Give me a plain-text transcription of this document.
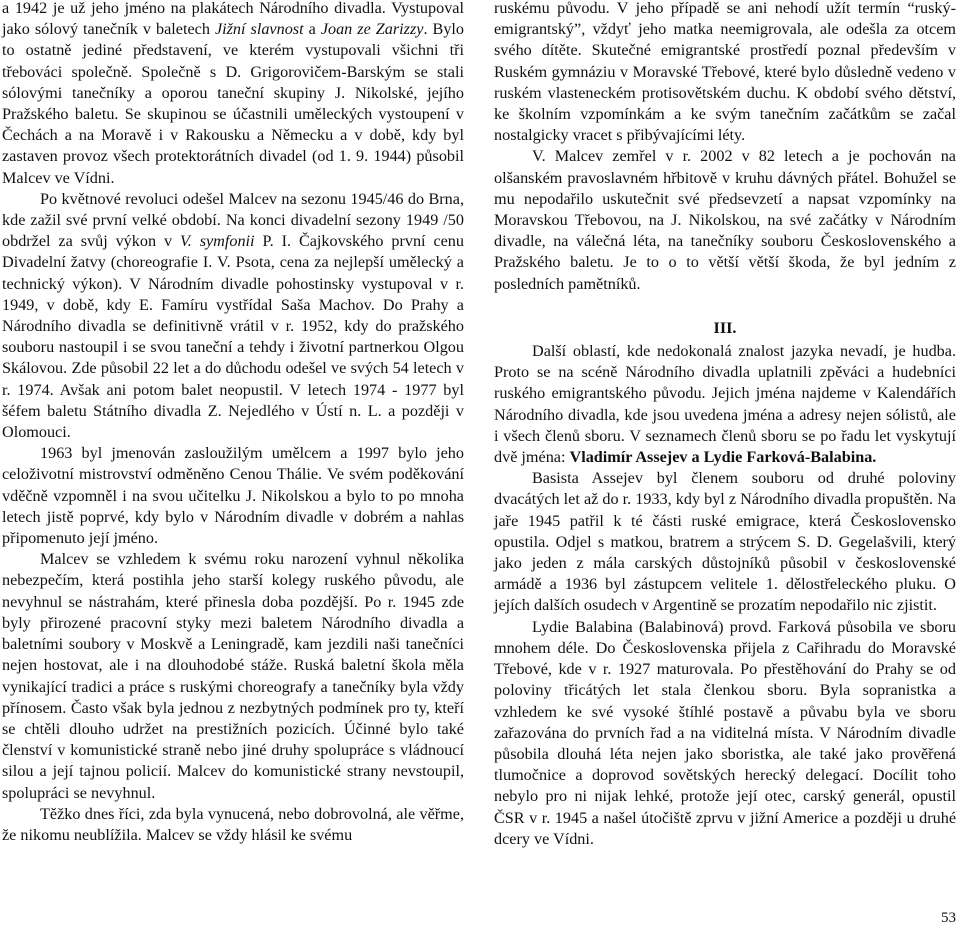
a 1942 je už jeho jméno na plakátech Národního divadla. Vystupoval jako sólový tanečník v baletech Jižní slavnost a Joan ze Zarizzy. Bylo to ostatně jediné představení, ve kterém vystupovali všichni tři třebováci společně. Společně s D. Grigorovičem-Barským se stali sólovými tanečníky a oporou taneční skupiny J. Nikolské, jejího Pražského baletu. Se skupinou se účastnili uměleckých vystoupení v Čechách a na Moravě i v Rakousku a Německu a v době, kdy byl zastaven provoz všech protektorátních divadel (od 1. 9. 1944) působil Malcev ve Vídni.

Po květnové revoluci odešel Malcev na sezonu 1945/46 do Brna, kde zažil své první velké období. Na konci divadelní sezony 1949 /50 obdržel za svůj výkon v V. symfonii P. I. Čajkovského první cenu Divadelní žatvy (choreografie I. V. Psota, cena za nejlepší umělecký a technický výkon). V Národním divadle pohostinsky vystupoval v r. 1949, v době, kdy E. Famíru vystřídal Saša Machov. Do Prahy a Národního divadla se definitivně vrátil v r. 1952, kdy do pražského souboru nastoupil i se svou taneční a tehdy i životní partnerkou Olgou Skálovou. Zde působil 22 let a do důchodu odešel ve svých 54 letech v r. 1974. Avšak ani potom balet neopustil. V letech 1974 - 1977 byl šéfem baletu Státního divadla Z. Nejedlého v Ústí n. L. a později v Olomouci.

1963 byl jmenován zasloužilým umělcem a 1997 bylo jeho celoživotní mistrovství odměněno Cenou Thálie. Ve svém poděkování vděčně vzpomněl i na svou učitelku J. Nikolskou a bylo to po mnoha letech jistě poprvé, kdy bylo v Národním divadle v dobrém a nahlas připomenuto její jméno.

Malcev se vzhledem k svému roku narození vyhnul několika nebezpečím, která postihla jeho starší kolegy ruského původu, ale nevyhnul se nástrahám, které přinesla doba pozdější. Po r. 1945 zde byly přirozené pracovní styky mezi baletem Národního divadla a baletními soubory v Moskvě a Leningradě, kam jezdili naši tanečníci nejen hostovat, ale i na dlouhodobé stáže. Ruská baletní škola měla vynikající tradici a práce s ruskými choreografy a tanečníky byla vždy přínosem. Často však byla jednou z nezbytných podmínek pro ty, kteří se chtěli dlouho udržet na prestižních pozicích. Účinné bylo také členství v komunistické straně nebo jiné druhy spolupráce s vládnoucí silou a její tajnou policií. Malcev do komunistické strany nevstoupil, spolupráci se nevyhnul.

Těžko dnes říci, zda byla vynucená, nebo dobrovolná, ale věřme, že nikomu neublížila. Malcev se vždy hlásil ke svému

ruskému původu. V jeho případě se ani nehodí užít termín “ruský-emigrantský”, vždyť jeho matka neemigrovala, ale odešla za otcem svého dítěte. Skutečné emigrantské prostředí poznal především v Ruském gymnáziu v Moravské Třebové, které bylo důsledně vedeno v ruském vlasteneckém protisovětském duchu. K období svého dětství, ke školním vzpomínkám a ke svým tanečním začátkům se začal nostalgicky vracet s přibývajícími léty.

V. Malcev zemřel v r. 2002 v 82 letech a je pochován na olšanském pravoslavném hřbitově v kruhu dávných přátel. Bohužel se mu nepodařilo uskutečnit své předsevzetí a napsat vzpomínky na Moravskou Třebovou, na J. Nikolskou, na své začátky v Národním divadle, na válečná léta, na tanečníky souboru Československého a Pražského baletu. Je to o to větší větší škoda, že byl jedním z posledních pamětníků.

III.

Další oblastí, kde nedokonalá znalost jazyka nevadí, je hudba. Proto se na scéně Národního divadla uplatnili zpěváci a hudebníci ruského emigrantského původu. Jejich jména najdeme v Kalendářích Národního divadla, kde jsou uvedena jména a adresy nejen sólistů, ale i všech členů sboru. V seznamech členů sboru se po řadu let vyskytují dvě jména: Vladimír Assejev a Lydie Farková-Balabina.

Basista Assejev byl členem souboru od druhé poloviny dvacátých let až do r. 1933, kdy byl z Národního divadla propuštěn. Na jaře 1945 patřil k té části ruské emigrace, která Československo opustila. Odjel s matkou, bratrem a strýcem S. D. Gegelašvili, který jako jeden z mála carských důstojníků působil v československé armádě a 1936 byl zástupcem velitele 1. dělostřeleckého pluku. O jejích dalších osudech v Argentině se prozatím nepodařilo nic zjistit.

Lydie Balabina (Balabinová) provd. Farková působila ve sboru mnohem déle. Do Československa přijela z Cařihradu do Moravské Třebové, kde v r. 1927 maturovala. Po přestěhování do Prahy se od poloviny třicátých let stala členkou sboru. Byla sopranistka a vzhledem ke své vysoké štíhlé postavě a půvabu byla ve sboru zařazována do prvních řad a na viditelná místa. V Národním divadle působila dlouhá léta nejen jako sboristka, ale také jako prověřená tlumočnice a doprovod sovětských herecký delegací. Docílit toho nebylo pro ni nijak lehké, protože její otec, carský generál, opustil ČSR v r. 1945 a našel útočiště zprvu v jižní Americe a později u druhé dcery ve Vídni.

53
